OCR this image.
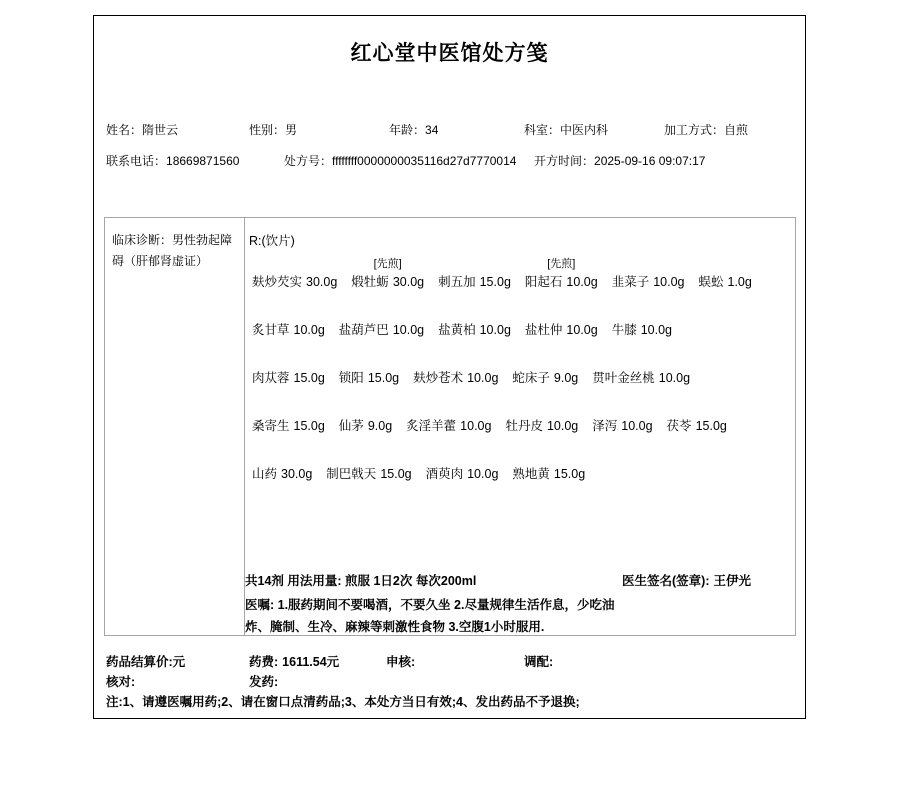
红心堂中医馆处方笺
姓名：隋世云	性别：男	年龄：34	科室：中医内科	加工方式：自煎
联系电话：18669871560	处方号：ffffffff0000000035116d27d7770014 开方时间：2025-09-16 09:07:17
临床诊断：男性勃起障碍（肝郁肾虚证）
R:(饮片)
麸炒芡实 30.0g
[先煎]
煅牡蛎 30.0g 刺五加 15.0g
[先煎]
阳起石 10.0g 韭菜子 10.0g 蜈蚣 1.0g
炙甘草 10.0g 盐葫芦巴 10.0g 盐黄柏 10.0g 盐杜仲 10.0g 牛膝 10.0g
肉苁蓉 15.0g 锁阳 15.0g 麸炒苍术 10.0g 蛇床子 9.0g 贯叶金丝桃 10.0g
桑寄生 15.0g 仙茅 9.0g 炙淫羊藿 10.0g 牡丹皮 10.0g 泽泻 10.0g 茯苓 15.0g
山药 30.0g 制巴戟天 15.0g 酒萸肉 10.0g 熟地黄 15.0g
共14剂 用法用量: 煎服 1日2次 每次200ml	医生签名(签章): 王伊光
医嘱: 1.服药期间不要喝酒，不要久坐 2.尽量规律生活作息，少吃油炸、腌制、生冷、麻辣等刺激性食物 3.空腹1小时服用.
药品结算价:元	药费: 1611.54元	申核:	调配:
核对:	发药:
注:1、请遵医嘱用药;2、请在窗口点清药品;3、本处方当日有效;4、发出药品不予退换;
